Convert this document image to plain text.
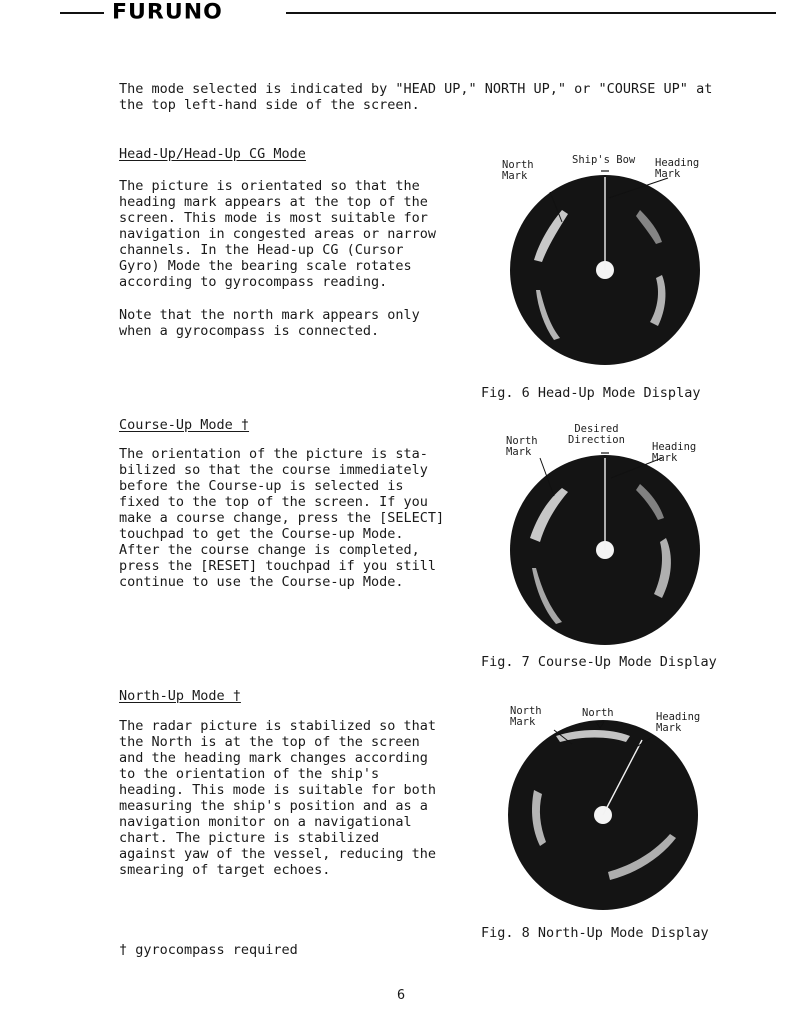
FURUNO
The mode selected is indicated by "HEAD UP," NORTH UP," or "COURSE UP" at
the top left-hand side of the screen.
Head-Up/Head-Up CG Mode
The picture is orientated so that the
heading mark appears at the top of the
screen. This mode is most suitable for
navigation in congested areas or narrow
channels. In the Head-up CG (Cursor
Gyro) Mode the bearing scale rotates
according to gyrocompass reading.
Note that the north mark appears only
when a gyrocompass is connected.
Course-Up Mode †
The orientation of the picture is sta-
bilized so that the course immediately
before the Course-up is selected is
fixed to the top of the screen. If you
make a course change, press the [SELECT]
touchpad to get the Course-up Mode.
After the course change is completed,
press the [RESET] touchpad if you still
continue to use the Course-up Mode.
North-Up Mode †
The radar picture is stabilized so that
the North is at the top of the screen
and the heading mark changes according
to the orientation of the ship's
heading. This mode is suitable for both
measuring the ship's position and as a
navigation monitor on a navigational
chart. The picture is stabilized
against yaw of the vessel, reducing the
smearing of target echoes.
North
Mark
Ship's Bow Heading
Mark
Fig. 6 Head-Up Mode Display
North
Mark
Desired
Direction
Heading
Mark
Fig. 7 Course-Up Mode Display
North
Mark
North	Heading
Mark
Fig. 8 North-Up Mode Display
† gyrocompass required
6
